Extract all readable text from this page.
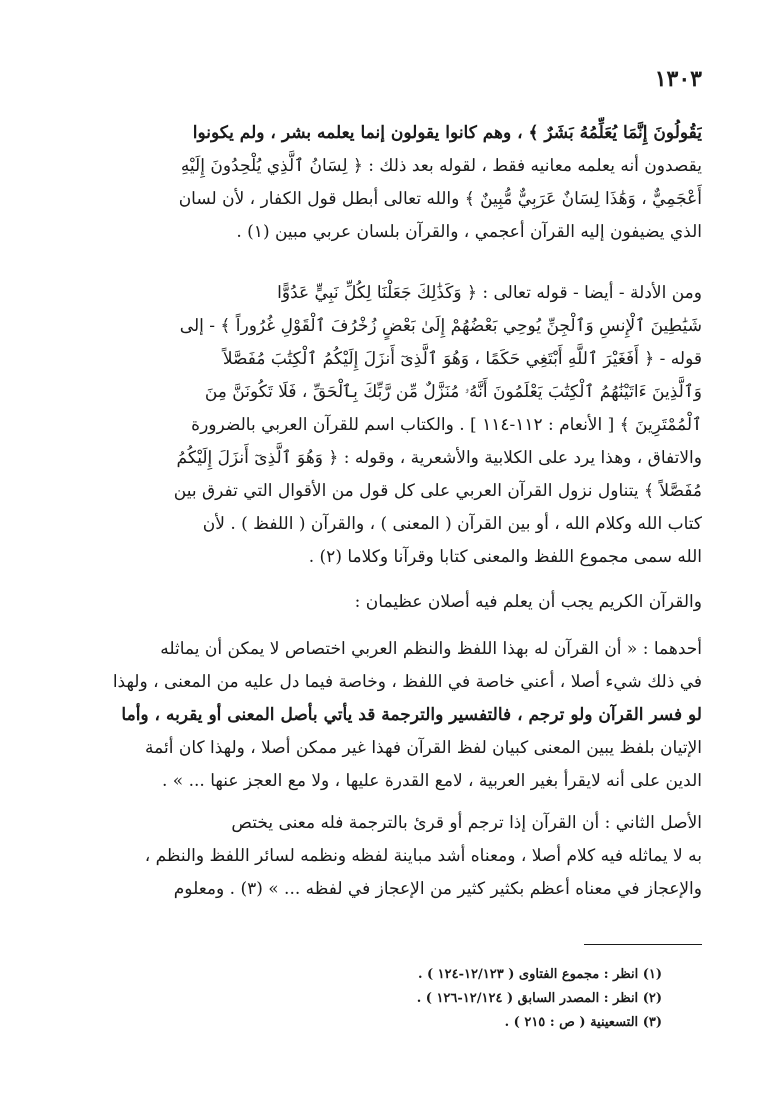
١٣٠٣
يَقُولُونَ إِنَّمَا يُعَلِّمُهُ بَشَرٌ ﴾ ، وهم كانوا يقولون إنما يعلمه بشر ، ولم يكونوا
يقصدون أنه يعلمه معانيه فقط ، لقوله بعد ذلك : ﴿ لِسَانُ ٱلَّذِي يُلْحِدُونَ إِلَيْهِ
أَعْجَمِيٌّ ، وَهَٰذَا لِسَانٌ عَرَبِيٌّ مُّبِينٌ ﴾ والله تعالى أبطل قول الكفار ، لأن لسان
الذي يضيفون إليه القرآن أعجمي ، والقرآن بلسان عربي مبين (١) .
ومن الأدلة - أيضا - قوله تعالى : ﴿ وَكَذَٰلِكَ جَعَلْنَا لِكُلِّ نَبِيٍّ عَدُوًّا
شَيَٰطِينَ ٱلْإِنسِ وَٱلْجِنِّ يُوحِي بَعْضُهُمْ إِلَىٰ بَعْضٍ زُخْرُفَ ٱلْقَوْلِ غُرُوراً ﴾ - إلى
قوله - ﴿ أَفَغَيْرَ ٱللَّهِ أَبْتَغِي حَكَمًا ، وَهُوَ ٱلَّذِىٓ أَنزَلَ إِلَيْكُمُ ٱلْكِتَٰبَ مُفَصَّلاً
وَٱلَّذِينَ ءَاتَيْنَٰهُمُ ٱلْكِتَٰبَ يَعْلَمُونَ أَنَّهُۥ مُنَزَّلٌ مِّن رَّبِّكَ بِٱلْحَقِّ ، فَلَا تَكُونَنَّ مِنَ
ٱلْمُمْتَرِينَ ﴾ [ الأنعام : ١١٢-١١٤ ] . والكتاب اسم للقرآن العربي بالضرورة
والاتفاق ، وهذا يرد على الكلابية والأشعرية ، وقوله : ﴿ وَهُوَ ٱلَّذِىٓ أَنزَلَ إِلَيْكُمُ
مُفَصَّلاً ﴾ يتناول نزول القرآن العربي على كل قول من الأقوال التي تفرق بين
كتاب الله وكلام الله ، أو بين القرآن ( المعنى ) ، والقرآن ( اللفظ ) . لأن
الله سمى مجموع اللفظ والمعنى كتابا وقرآنا وكلاما (٢) .
والقرآن الكريم يجب أن يعلم فيه أصلان عظيمان :
أحدهما : « أن القرآن له بهذا اللفظ والنظم العربي اختصاص لا يمكن أن يماثله
في ذلك شيء أصلا ، أعني خاصة في اللفظ ، وخاصة فيما دل عليه من المعنى ، ولهذا
لو فسر القرآن ولو ترجم ، فالتفسير والترجمة قد يأتي بأصل المعنى أو يقربه ، وأما
الإتيان بلفظ يبين المعنى كبيان لفظ القرآن فهذا غير ممكن أصلا ، ولهذا كان أئمة
الدين على أنه لايقرأ بغير العربية ، لامع القدرة عليها ، ولا مع العجز عنها ... » .
الأصل الثاني : أن القرآن إذا ترجم أو قرئ بالترجمة فله معنى يختص
به لا يماثله فيه كلام أصلا ، ومعناه أشد مباينة لفظه ونظمه لسائر اللفظ والنظم ،
والإعجاز في معناه أعظم بكثير كثير من الإعجاز في لفظه ... » (٣) . ومعلوم
(١) انظر : مجموع الفتاوى ( ١٢/١٢٣-١٢٤ ) .
(٢) انظر : المصدر السابق ( ١٢/١٢٤-١٢٦ ) .
(٣) التسعينية ( ص : ٢١٥ ) .
